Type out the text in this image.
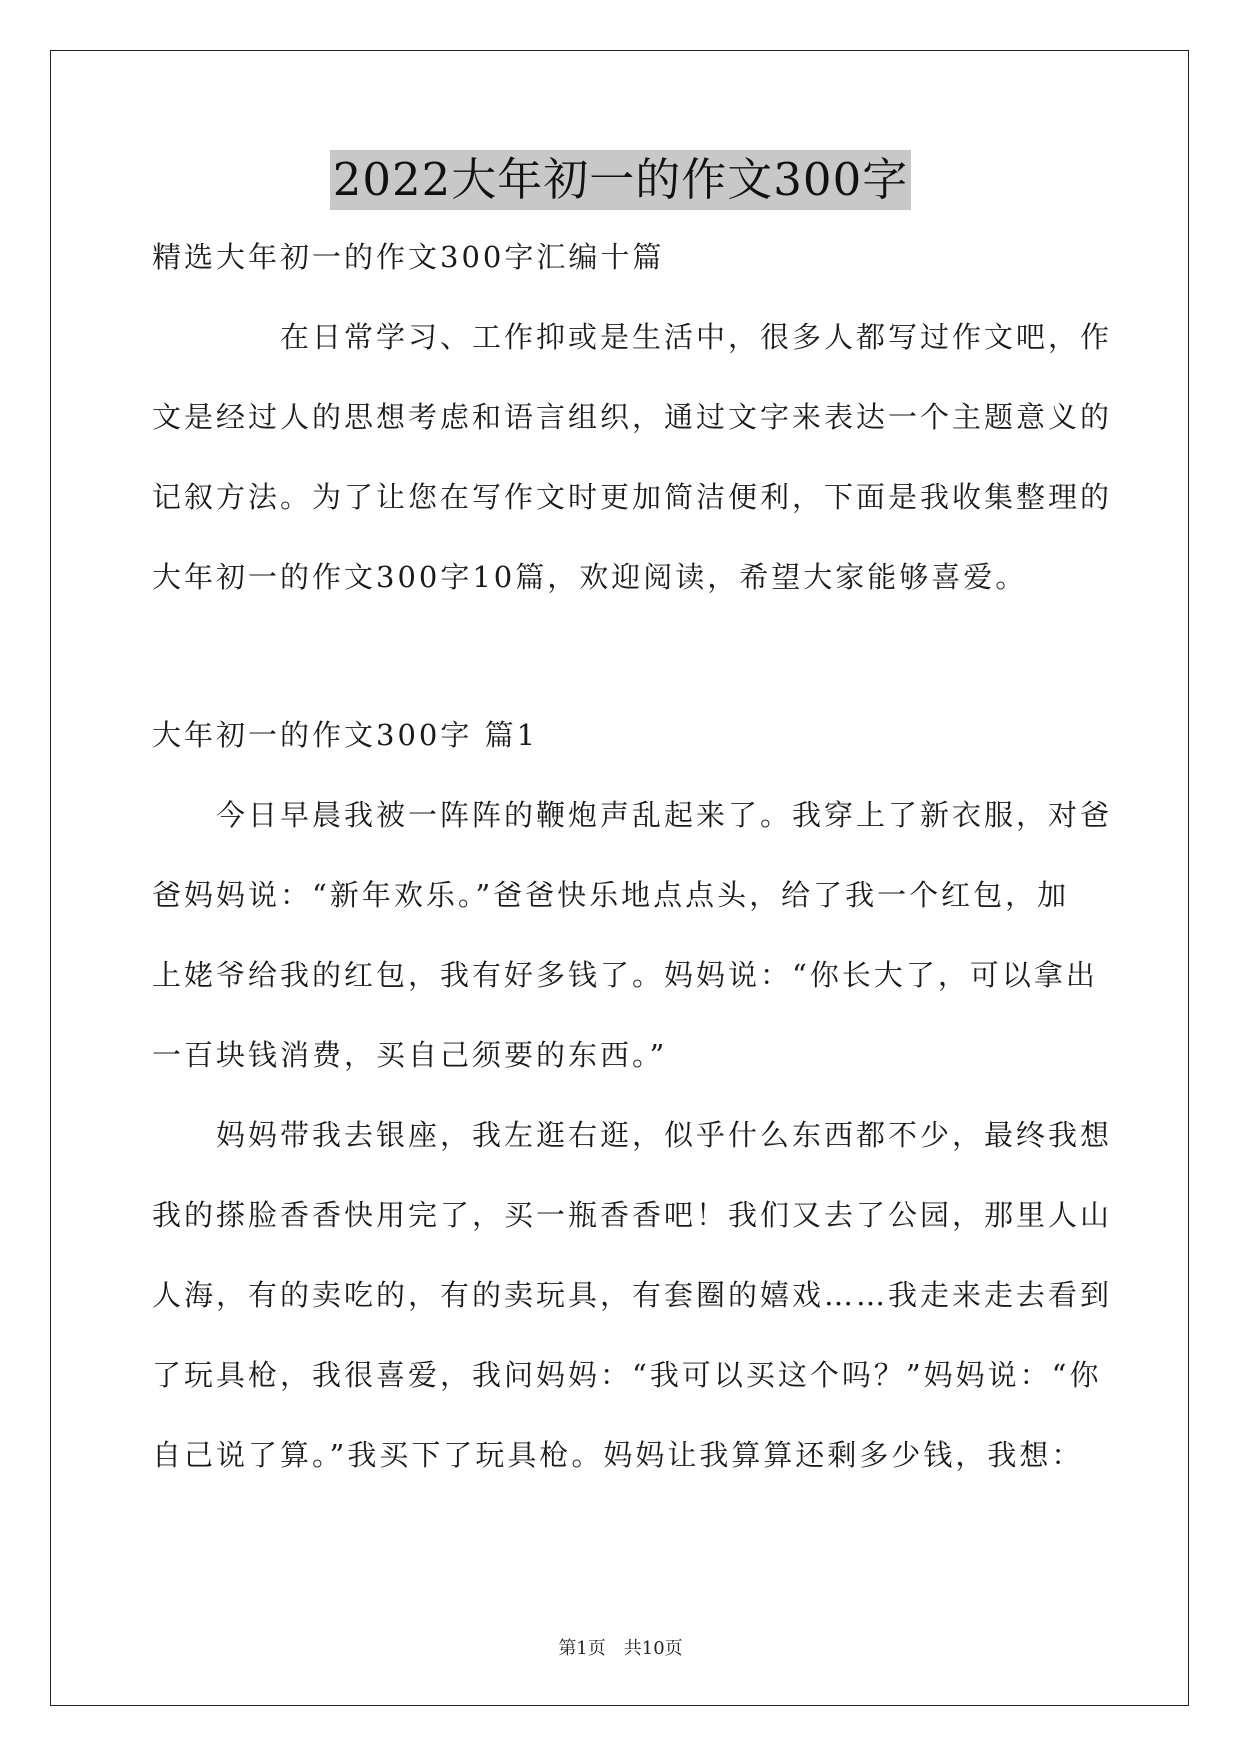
2022大年初一的作文300字
精选大年初一的作文300字汇编十篇
　　　　在日常学习、工作抑或是生活中，很多人都写过作文吧，作
文是经过人的思想考虑和语言组织，通过文字来表达一个主题意义的
记叙方法。为了让您在写作文时更加简洁便利，下面是我收集整理的
大年初一的作文300字10篇，欢迎阅读，希望大家能够喜爱。
大年初一的作文300字 篇1
　　今日早晨我被一阵阵的鞭炮声乱起来了。我穿上了新衣服，对爸
爸妈妈说：“新年欢乐。”爸爸快乐地点点头，给了我一个红包，加
上姥爷给我的红包，我有好多钱了。妈妈说：“你长大了，可以拿出
一百块钱消费，买自己须要的东西。”
　　妈妈带我去银座，我左逛右逛，似乎什么东西都不少，最终我想
我的搽脸香香快用完了，买一瓶香香吧！我们又去了公园，那里人山
人海，有的卖吃的，有的卖玩具，有套圈的嬉戏……我走来走去看到
了玩具枪，我很喜爱，我问妈妈：“我可以买这个吗？”妈妈说：“你
自己说了算。”我买下了玩具枪。妈妈让我算算还剩多少钱，我想：
第1页　共10页
